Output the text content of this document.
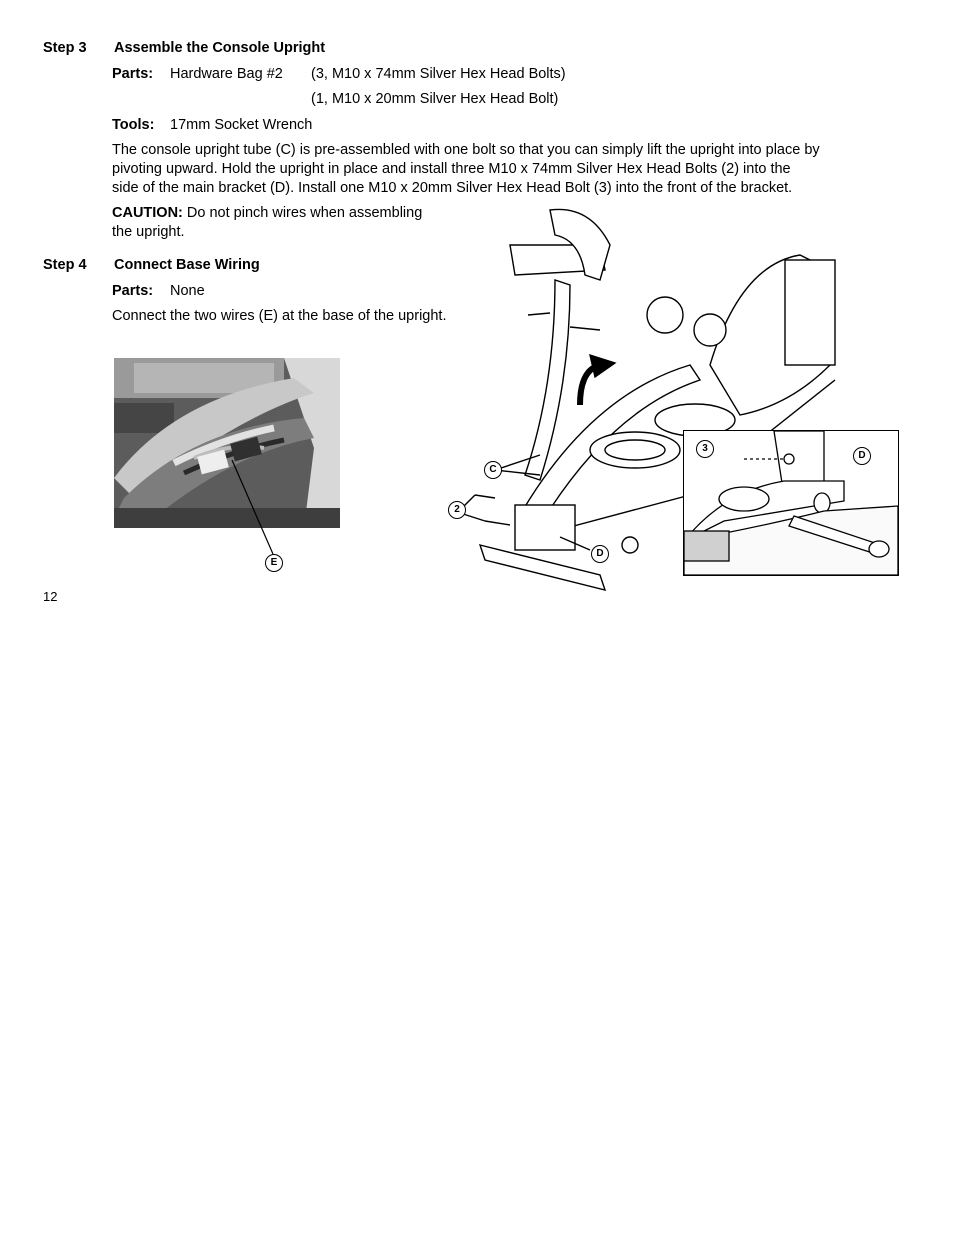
Step 3 Assemble the Console Upright
Parts: Hardware Bag #2 (3, M10 x 74mm Silver Hex Head Bolts)
(1, M10 x 20mm Silver Hex Head Bolt)
Tools: 17mm Socket Wrench
The console upright tube (C) is pre-assembled with one bolt so that you can simply lift the upright into place by
pivoting upward. Hold the upright in place and install three M10 x 74mm Silver Hex Head Bolts (2) into the
side of the main bracket (D). Install one M10 x 20mm Silver Hex Head Bolt (3) into the front of the bracket.
CAUTION: Do not pinch wires when assembling
the upright.
Step 4 Connect Base Wiring
Parts: None
Connect the two wires (E) at the base of the upright.
E
C
2
D
3
D
12
